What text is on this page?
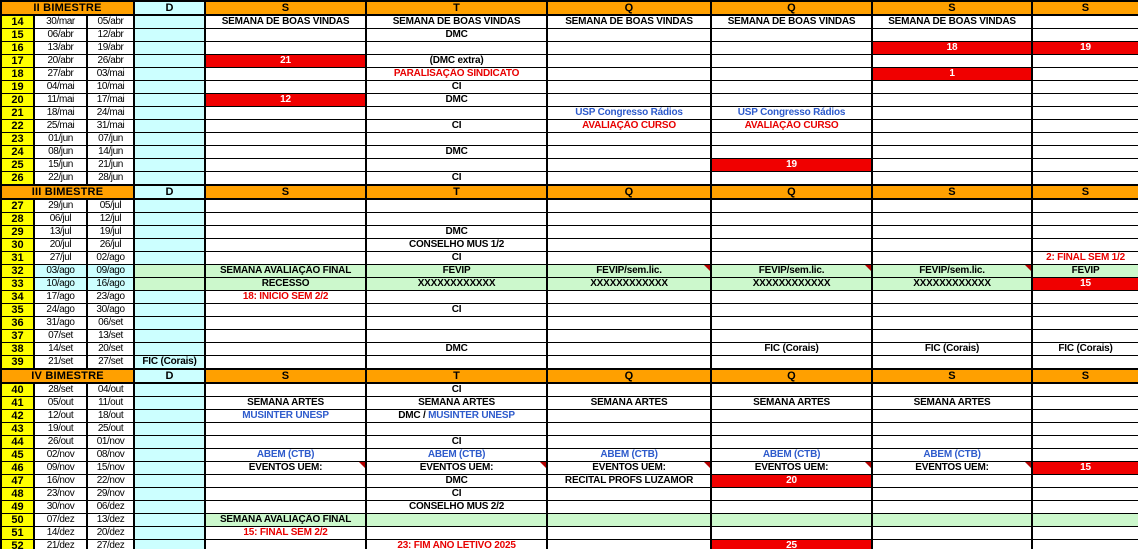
II BIMESTRE			D	S	T	Q	Q	S	S
14	30/mar	05/abr		SEMANA DE BOAS VINDAS	SEMANA DE BOAS VINDAS	SEMANA DE BOAS VINDAS	SEMANA DE BOAS VINDAS	SEMANA DE BOAS VINDAS	
15	06/abr	12/abr			DMC				
16	13/abr	19/abr						18	19
17	20/abr	26/abr		21	(DMC extra)				
18	27/abr	03/mai			PARALISAÇÃO SINDICATO			1	
19	04/mai	10/mai			CI				
20	11/mai	17/mai		12	DMC				
21	18/mai	24/mai				USP Congresso Rádios	USP Congresso Rádios		
22	25/mai	31/mai			CI	AVALIAÇÃO CURSO	AVALIAÇÃO CURSO		
23	01/jun	07/jun							
24	08/jun	14/jun			DMC				
25	15/jun	21/jun					19		
26	22/jun	28/jun			CI				
III BIMESTRE			D	S	T	Q	Q	S	S
27	29/jun	05/jul							
28	06/jul	12/jul							
29	13/jul	19/jul			DMC				
30	20/jul	26/jul			CONSELHO MUS 1/2				
31	27/jul	02/ago			CI				2: FINAL SEM 1/2
32	03/ago	09/ago		SEMANA AVALIAÇÃO FINAL	FEVIP	FEVIP/sem.lic.	FEVIP/sem.lic.	FEVIP/sem.lic.	FEVIP
33	10/ago	16/ago		RECESSO	XXXXXXXXXXXX	XXXXXXXXXXXX	XXXXXXXXXXXX	XXXXXXXXXXXX	15
34	17/ago	23/ago		18: INICIO SEM 2/2					
35	24/ago	30/ago			CI				
36	31/ago	06/set							
37	07/set	13/set							
38	14/set	20/set			DMC		FIC (Corais)	FIC (Corais)	FIC (Corais)
39	21/set	27/set	FIC (Corais)						
IV BIMESTRE			D	S	T	Q	Q	S	S
40	28/set	04/out			CI				
41	05/out	11/out		SEMANA ARTES	SEMANA ARTES	SEMANA ARTES	SEMANA ARTES	SEMANA ARTES	
42	12/out	18/out		MUSINTER UNESP	DMC / MUSINTER UNESP				
43	19/out	25/out							
44	26/out	01/nov			CI				
45	02/nov	08/nov		ABEM (CTB)	ABEM (CTB)	ABEM (CTB)	ABEM (CTB)	ABEM (CTB)	
46	09/nov	15/nov		EVENTOS UEM:	EVENTOS UEM:	EVENTOS UEM:	EVENTOS UEM:	EVENTOS UEM:	15
47	16/nov	22/nov			DMC	RECITAL PROFS LUZAMOR	20		
48	23/nov	29/nov			CI				
49	30/nov	06/dez			CONSELHO MUS 2/2				
50	07/dez	13/dez		SEMANA AVALIAÇÃO FINAL					
51	14/dez	20/dez		15: FINAL SEM 2/2					
52	21/dez	27/dez			23: FIM ANO LETIVO 2025		25		
